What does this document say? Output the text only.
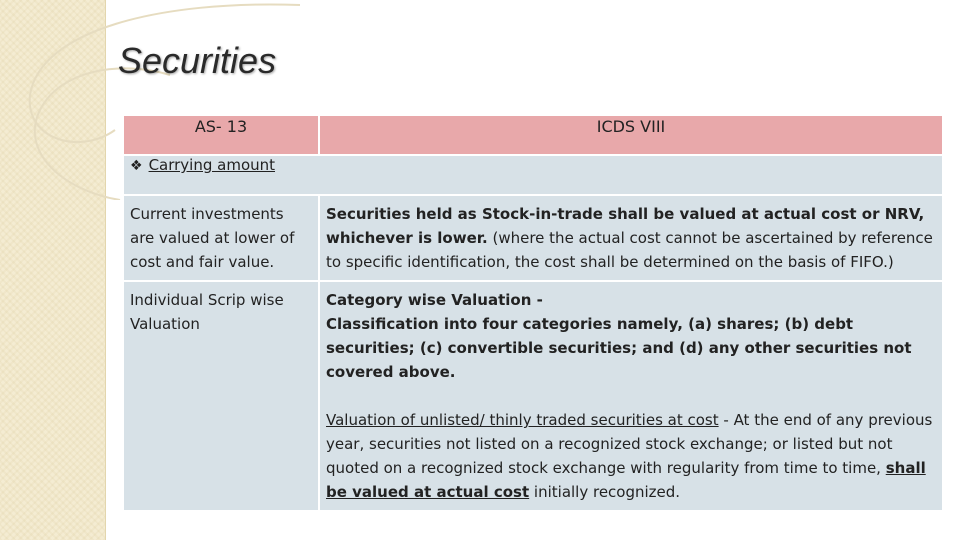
Securities
AS- 13	ICDS VIII
❖ Carrying amount	
Current investments are valued at lower of cost and fair value.	Securities held as Stock-in-trade shall be valued at actual cost or NRV, whichever is lower. (where the actual cost cannot be ascertained by reference to specific identification, the cost shall be determined on the basis of FIFO.)
Individual Scrip wise Valuation	Category wise Valuation -

Classification into four categories namely, (a) shares; (b) debt securities; (c) convertible securities; and (d) any other securities not covered above.

Valuation of unlisted/ thinly traded securities at cost - At the end of any previous year, securities not listed on a recognized stock exchange; or listed but not quoted on a recognized stock exchange with regularity from time to time, shall be valued at actual cost initially recognized.
